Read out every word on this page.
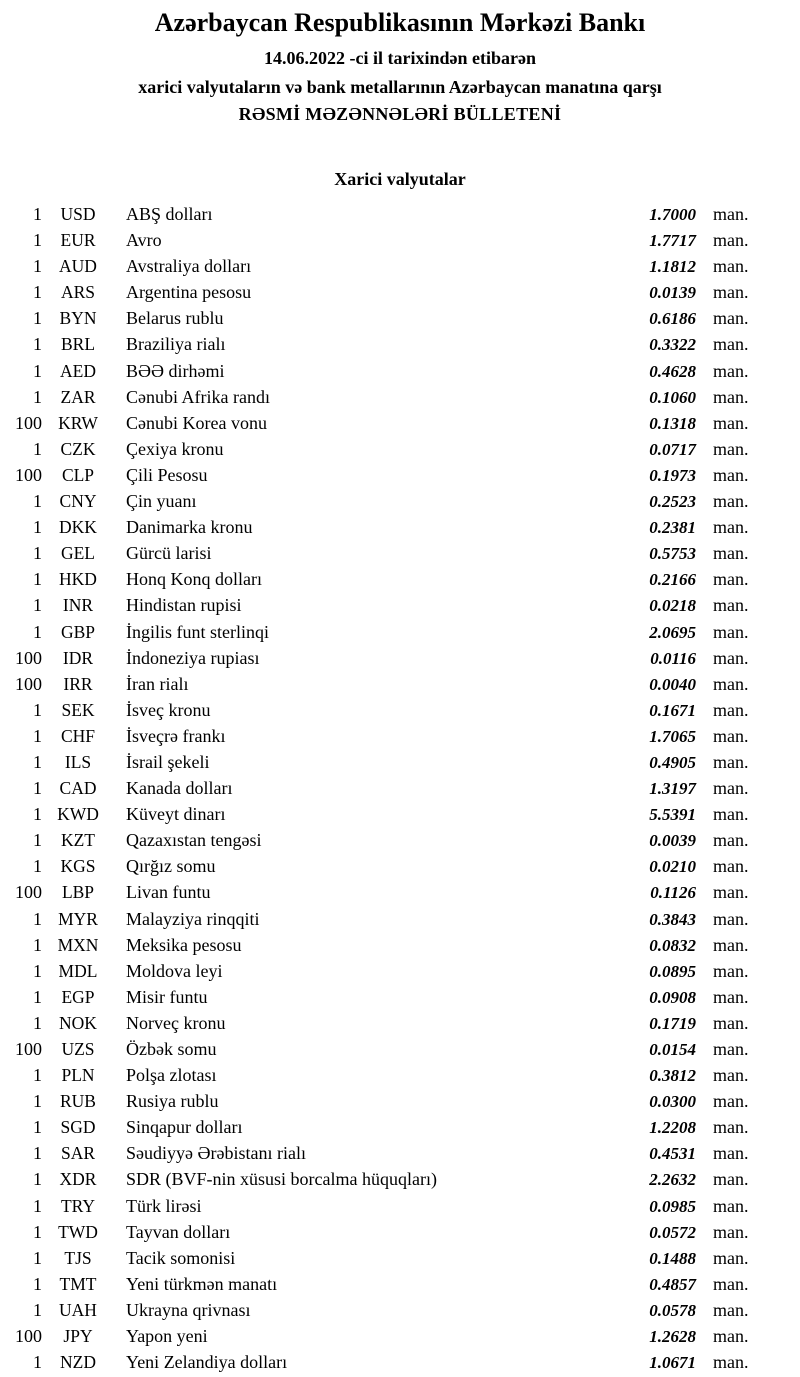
Azərbaycan Respublikasının Mərkəzi Bankı
14.06.2022 -ci il tarixindən etibarən
xarici valyutaların və bank metallarının Azərbaycan manatına qarşı
RƏSMİ MƏZƏNNƏLƏRİ BÜLLETENİ
Xarici valyutalar
1	USD	ABŞ dolları	1.7000 man.
1	EUR	Avro	1.7717 man.
1 AUD	Avstraliya dolları	1.1812 man.
1	ARS	Argentina pesosu	0.0139 man.
1	BYN	Belarus rublu	0.6186 man.
1	BRL	Braziliya rialı	0.3322 man.
1	AED	BƏƏ dirhəmi	0.4628 man.
1	ZAR	Cənubi Afrika randı	0.1060 man.
100 KRW	Cənubi Korea vonu	0.1318 man.
1	CZK	Çexiya kronu	0.0717 man.
100	CLP	Çili Pesosu	0.1973 man.
1	CNY	Çin yuanı	0.2523 man.
1 DKK	Danimarka kronu	0.2381 man.
1	GEL	Gürcü larisi	0.5753 man.
1 HKD	Honq Konq dolları	0.2166 man.
1	INR	Hindistan rupisi	0.0218 man.
1	GBP	İngilis funt sterlinqi	2.0695 man.
100	IDR	İndoneziya rupiası	0.0116 man.
100	IRR	İran rialı	0.0040 man.
1	SEK	İsveç kronu	0.1671 man.
1	CHF	İsveçrə frankı	1.7065 man.
1	ILS	İsrail şekeli	0.4905 man.
1	CAD	Kanada dolları	1.3197 man.
1 KWD	Küveyt dinarı	5.5391 man.
1	KZT	Qazaxıstan tengəsi	0.0039 man.
1	KGS	Qırğız somu	0.0210 man.
100	LBP	Livan funtu	0.1126 man.
1 MYR	Malayziya rinqqiti	0.3843 man.
1 MXN	Meksika pesosu	0.0832 man.
1 MDL	Moldova leyi	0.0895 man.
1	EGP	Misir funtu	0.0908 man.
1 NOK	Norveç kronu	0.1719 man.
100	UZS	Özbək somu	0.0154 man.
1	PLN	Polşa zlotası	0.3812 man.
1	RUB	Rusiya rublu	0.0300 man.
1	SGD	Sinqapur dolları	1.2208 man.
1	SAR	Səudiyyə Ərəbistanı rialı	0.4531 man.
1	XDR	SDR (BVF-nin xüsusi borcalma hüquqları)	2.2632 man.
1	TRY	Türk lirəsi	0.0985 man.
1 TWD	Tayvan dolları	0.0572 man.
1	TJS	Tacik somonisi	0.1488 man.
1	TMT	Yeni türkmən manatı	0.4857 man.
1 UAH	Ukrayna qrivnası	0.0578 man.
100	JPY	Yapon yeni	1.2628 man.
1	NZD	Yeni Zelandiya dolları	1.0671 man.
